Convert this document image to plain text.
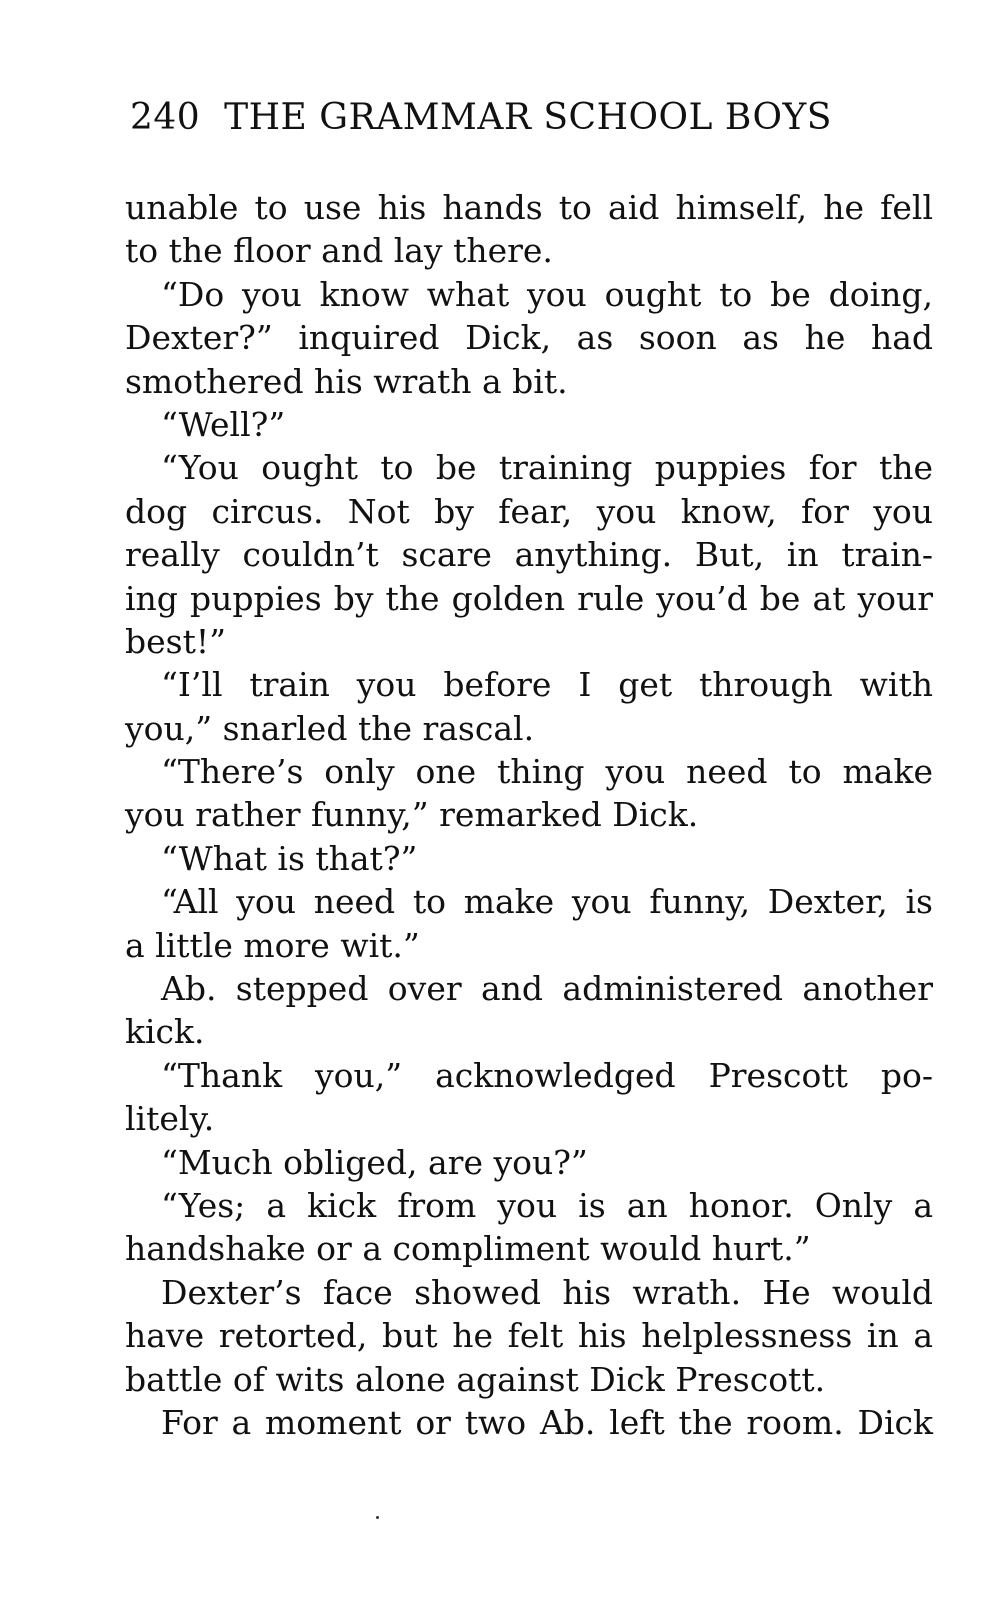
240 THE GRAMMAR SCHOOL BOYS
unable to use his hands to aid himself, he fell
to the floor and lay there.
“Do you know what you ought to be doing,
Dexter?” inquired Dick, as soon as he had
smothered his wrath a bit.
“Well?”
“You ought to be training puppies for the
dog circus. Not by fear, you know, for you
really couldn’t scare anything. But, in train-
ing puppies by the golden rule you’d be at your
best!”
“I’ll train you before I get through with
you,” snarled the rascal.
“There’s only one thing you need to make
you rather funny,” remarked Dick.
“What is that?”
“All you need to make you funny, Dexter, is
a little more wit.”
Ab. stepped over and administered another
kick.
“Thank you,” acknowledged Prescott po-
litely.
“Much obliged, are you?”
“Yes; a kick from you is an honor. Only a
handshake or a compliment would hurt.”
Dexter’s face showed his wrath. He would
have retorted, but he felt his helplessness in a
battle of wits alone against Dick Prescott.
For a moment or two Ab. left the room. Dick
